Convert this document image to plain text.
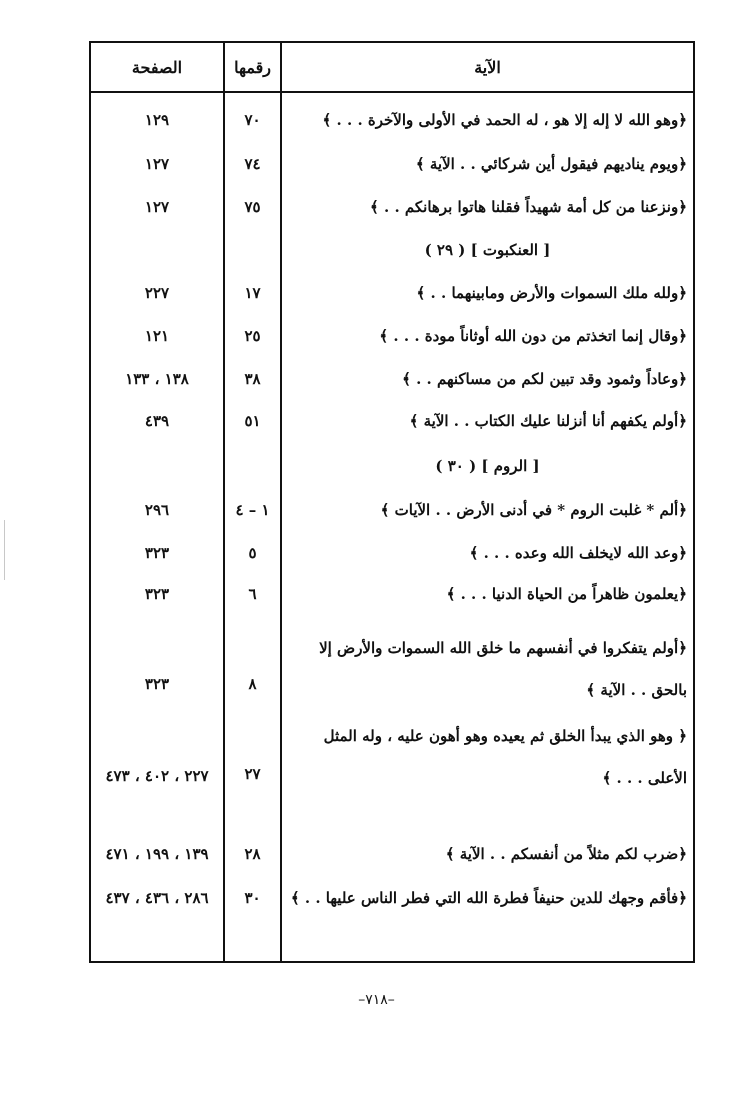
الآية
رقمها
الصفحة
﴿وهو الله لا إله إلا هو ، له الحمد في الأولى والآخرة . . . ﴾
٧٠
١٢٩
﴿ويوم يناديهم فيقول أين شركائي . . الآية ﴾
٧٤
١٢٧
﴿ونزعنا من كل أمة شهيداً فقلنا هاتوا برهانكم . . ﴾
٧٥
١٢٧
[ العنكبوت ] ( ٢٩ )
﴿ولله ملك السموات والأرض ومابينهما . . ﴾
١٧
٢٢٧
﴿وقال إنما اتخذتم من دون الله أوثاناً مودة . . . ﴾
٢٥
١٢١
﴿وعاداً وثمود وقد تبين لكم من مساكنهم . . ﴾
٣٨
١٣٨ ، ١٣٣
﴿أولم يكفهم أنا أنزلنا عليك الكتاب . . الآية ﴾
٥١
٤٣٩
[ الروم ] ( ٣٠ )
﴿ألم * غلبت الروم * في أدنى الأرض . . الآيات ﴾
١ – ٤
٢٩٦
﴿وعد الله لايخلف الله وعده . . . ﴾
٥
٣٢٣
﴿يعلمون ظاهراً من الحياة الدنيا . . . ﴾
٦
٣٢٣
﴿أولم يتفكروا في أنفسهم ما خلق الله السموات والأرض إلا بالحق . . الآية ﴾
٨
٣٢٣
﴿ وهو الذي يبدأ الخلق ثم يعيده وهو أهون عليه ، وله المثل الأعلى . . . ﴾
٢٧
٢٢٧ ، ٤٠٢ ، ٤٧٣
﴿ضرب لكم مثلاً من أنفسكم . . الآية ﴾
٢٨
١٣٩ ، ١٩٩ ، ٤٧١
﴿فأقم وجهك للدين حنيفاً فطرة الله التي فطر الناس عليها . . ﴾
٣٠
٢٨٦ ، ٤٣٦ ، ٤٣٧
–٧١٨–
